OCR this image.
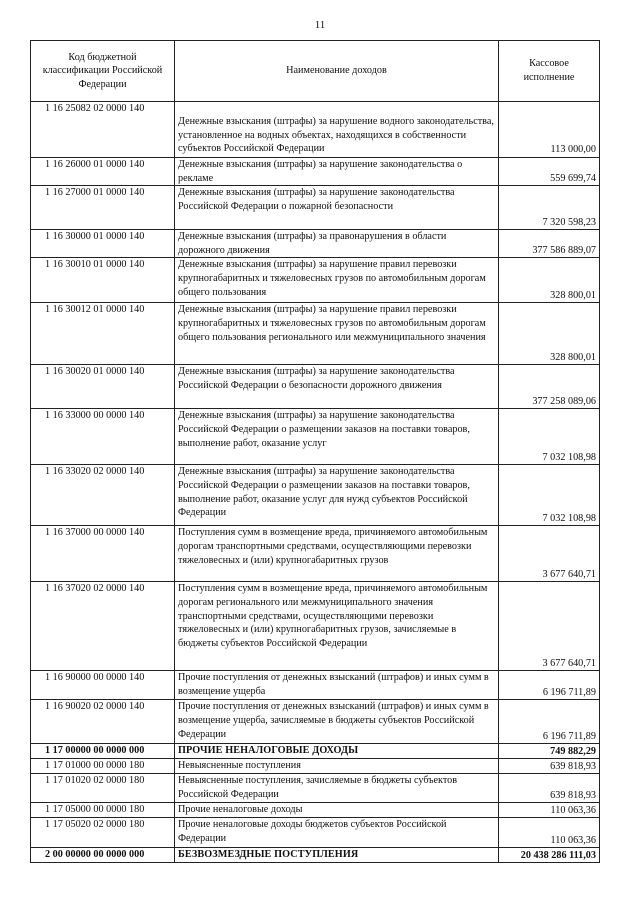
11
Код бюджетной классификации Российской Федерации	Наименование доходов	Кассовое исполнение
1 16 25082 02 0000 140	Денежные взыскания (штрафы) за нарушение водного законодательства, установленное на водных объектах, находящихся в собственности субъектов Российской Федерации	113 000,00
1 16 26000 01 0000 140	Денежные взыскания (штрафы) за нарушение законодательства о рекламе	559 699,74
1 16 27000 01 0000 140	Денежные взыскания (штрафы) за нарушение законодательства Российской Федерации о пожарной безопасности	7 320 598,23
1 16 30000 01 0000 140	Денежные взыскания (штрафы) за правонарушения в области дорожного движения	377 586 889,07
1 16 30010 01 0000 140	Денежные взыскания (штрафы) за нарушение правил перевозки крупногабаритных и тяжеловесных грузов по автомобильным дорогам общего пользования	328 800,01
1 16 30012 01 0000 140	Денежные взыскания (штрафы) за нарушение правил перевозки крупногабаритных и тяжеловесных грузов по автомобильным дорогам общего пользования регионального или межмуниципального значения	328 800,01
1 16 30020 01 0000 140	Денежные взыскания (штрафы) за нарушение законодательства Российской Федерации о безопасности дорожного движения	377 258 089,06
1 16 33000 00 0000 140	Денежные взыскания (штрафы) за нарушение законодательства Российской Федерации о размещении заказов на поставки товаров, выполнение работ, оказание услуг	7 032 108,98
1 16 33020 02 0000 140	Денежные взыскания (штрафы) за нарушение законодательства Российской Федерации о размещении заказов на поставки товаров, выполнение работ, оказание услуг для нужд субъектов Российской Федерации	7 032 108,98
1 16 37000 00 0000 140	Поступления сумм в возмещение вреда, причиняемого автомобильным дорогам транспортными средствами, осуществляющими перевозки тяжеловесных и (или) крупногабаритных грузов	3 677 640,71
1 16 37020 02 0000 140	Поступления сумм в возмещение вреда, причиняемого автомобильным дорогам регионального или межмуниципального значения транспортными средствами, осуществляющими перевозки тяжеловесных и (или) крупногабаритных грузов, зачисляемые в бюджеты субъектов Российской Федерации	3 677 640,71
1 16 90000 00 0000 140	Прочие поступления от денежных взысканий (штрафов) и иных сумм в возмещение ущерба	6 196 711,89
1 16 90020 02 0000 140	Прочие поступления от денежных взысканий (штрафов) и иных сумм в возмещение ущерба, зачисляемые в бюджеты субъектов Российской Федерации	6 196 711,89
1 17 00000 00 0000 000	ПРОЧИЕ НЕНАЛОГОВЫЕ ДОХОДЫ	749 882,29
1 17 01000 00 0000 180	Невыясненные поступления	639 818,93
1 17 01020 02 0000 180	Невыясненные поступления, зачисляемые в бюджеты субъектов Российской Федерации	639 818,93
1 17 05000 00 0000 180	Прочие неналоговые доходы	110 063,36
1 17 05020 02 0000 180	Прочие неналоговые доходы бюджетов субъектов Российской Федерации	110 063,36
2 00 00000 00 0000 000	БЕЗВОЗМЕЗДНЫЕ ПОСТУПЛЕНИЯ	20 438 286 111,03
